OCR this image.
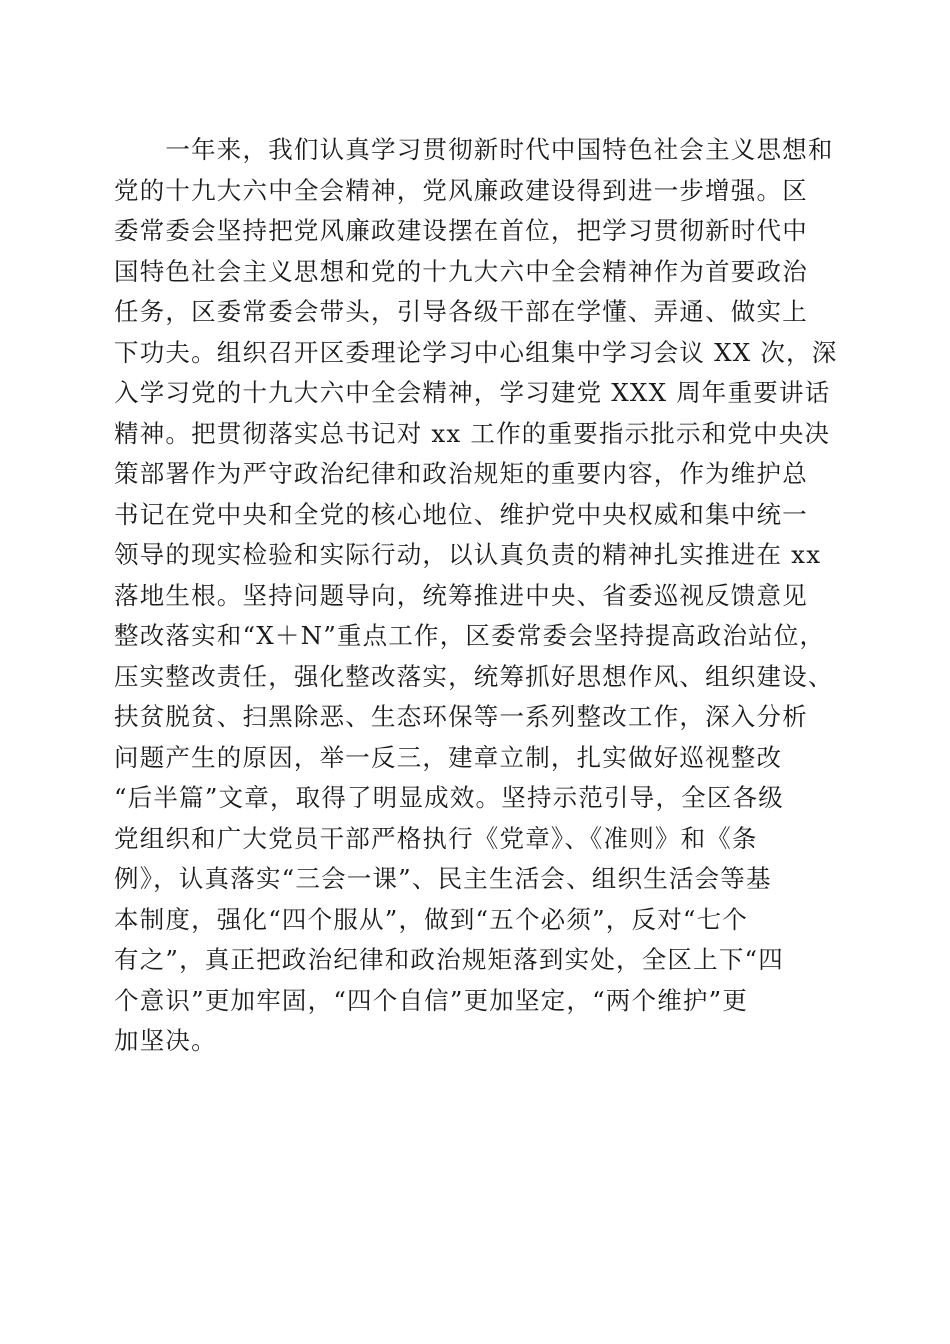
　　一年来，我们认真学习贯彻新时代中国特色社会主义思想和
党的十九大六中全会精神，党风廉政建设得到进一步增强。区
委常委会坚持把党风廉政建设摆在首位，把学习贯彻新时代中
国特色社会主义思想和党的十九大六中全会精神作为首要政治
任务，区委常委会带头，引导各级干部在学懂、弄通、做实上
下功夫。组织召开区委理论学习中心组集中学习会议 XX 次，深
入学习党的十九大六中全会精神，学习建党 XXX 周年重要讲话
精神。把贯彻落实总书记对 xx 工作的重要指示批示和党中央决
策部署作为严守政治纪律和政治规矩的重要内容，作为维护总
书记在党中央和全党的核心地位、维护党中央权威和集中统一
领导的现实检验和实际行动，以认真负责的精神扎实推进在 xx
落地生根。坚持问题导向，统筹推进中央、省委巡视反馈意见
整改落实和“X＋N”重点工作，区委常委会坚持提高政治站位，
压实整改责任，强化整改落实，统筹抓好思想作风、组织建设、
扶贫脱贫、扫黑除恶、生态环保等一系列整改工作，深入分析
问题产生的原因，举一反三，建章立制，扎实做好巡视整改
“后半篇”文章，取得了明显成效。坚持示范引导，全区各级
党组织和广大党员干部严格执行《党章》、《准则》和《条
例》，认真落实“三会一课”、民主生活会、组织生活会等基
本制度，强化“四个服从”，做到“五个必须”，反对“七个
有之”，真正把政治纪律和政治规矩落到实处，全区上下“四
个意识”更加牢固，“四个自信”更加坚定，“两个维护”更
加坚决。
